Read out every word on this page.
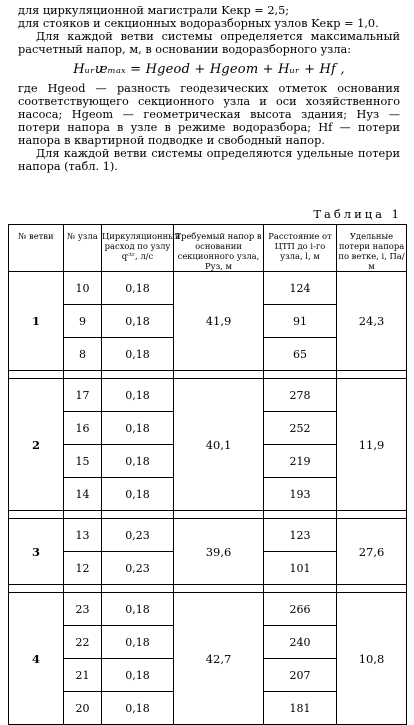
для циркуляционной магистрали Kекр = 2,5;

для стояков и секционных водоразборных узлов Kекр = 1,0.

Для каждой ветви системы определяется максимальный расчетный напор, м, в основании водоразборного узла:

Hᵤᵣᵫₘₐₓ = Hgeod + Hgeom + Hᵤᵣ + Hf ,

где Hgeod — разность геодезических отметок основания соответствующего секционного узла и оси хозяйственного насоса; Hgeom — геометрическая высота здания; Hуз — потери напора в узле в режиме водоразбора; Hf — потери напора в квартирной подводке и свободный напор.

Для каждой ветви системы определяются удельные потери напора (табл. 1).

Таблица 1
№ ветви	№ узла	Циркуляционный расход по узлу qᶜᵗʳ, л/с	Требуемый напор в основании секционного узла, Pуз, м	Расстояние от ЦТП до i-го узла, l, м	Удельные потери напора по ветке, i, Па/м
1	10	0,18	41,9	124	24,3
	9	0,18		91	
	8	0,18		65	

2	17	0,18	40,1	278	11,9
	16	0,18		252	
	15	0,18		219	
	14	0,18		193	

3	13	0,23	39,6	123	27,6
	12	0,23		101	

4	23	0,18	42,7	266	10,8
	22	0,18		240	
	21	0,18		207	
	20	0,18		181	
